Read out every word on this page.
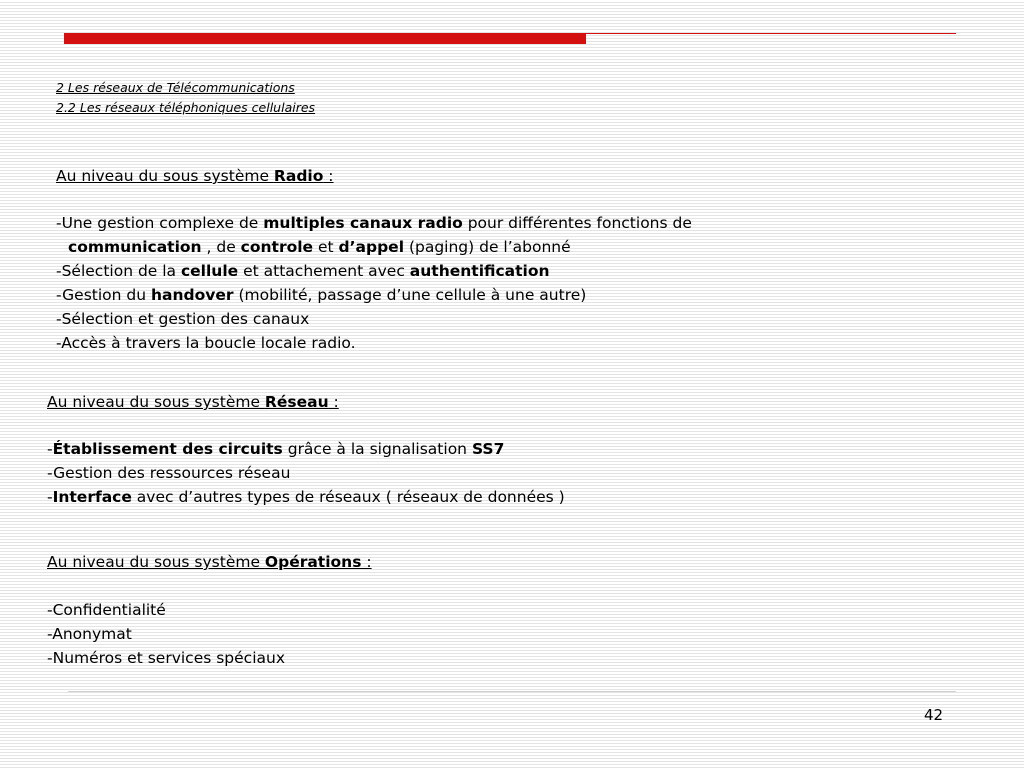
2 Les réseaux de Télécommunications
2.2 Les réseaux téléphoniques cellulaires
Au niveau du sous système Radio :
-Une gestion complexe de multiples canaux radio pour différentes fonctions de
communication , de controle et d’appel (paging) de l’abonné
-Sélection de la cellule et attachement avec authentification
-Gestion du handover (mobilité, passage d’une cellule à une autre)
-Sélection et gestion des canaux
-Accès à travers la boucle locale radio.
Au niveau du sous système Réseau :
-Établissement des circuits grâce à la signalisation SS7
-Gestion des ressources réseau
-Interface avec d’autres types de réseaux ( réseaux de données )
Au niveau du sous système Opérations :
-Confidentialité
-Anonymat
-Numéros et services spéciaux
42
